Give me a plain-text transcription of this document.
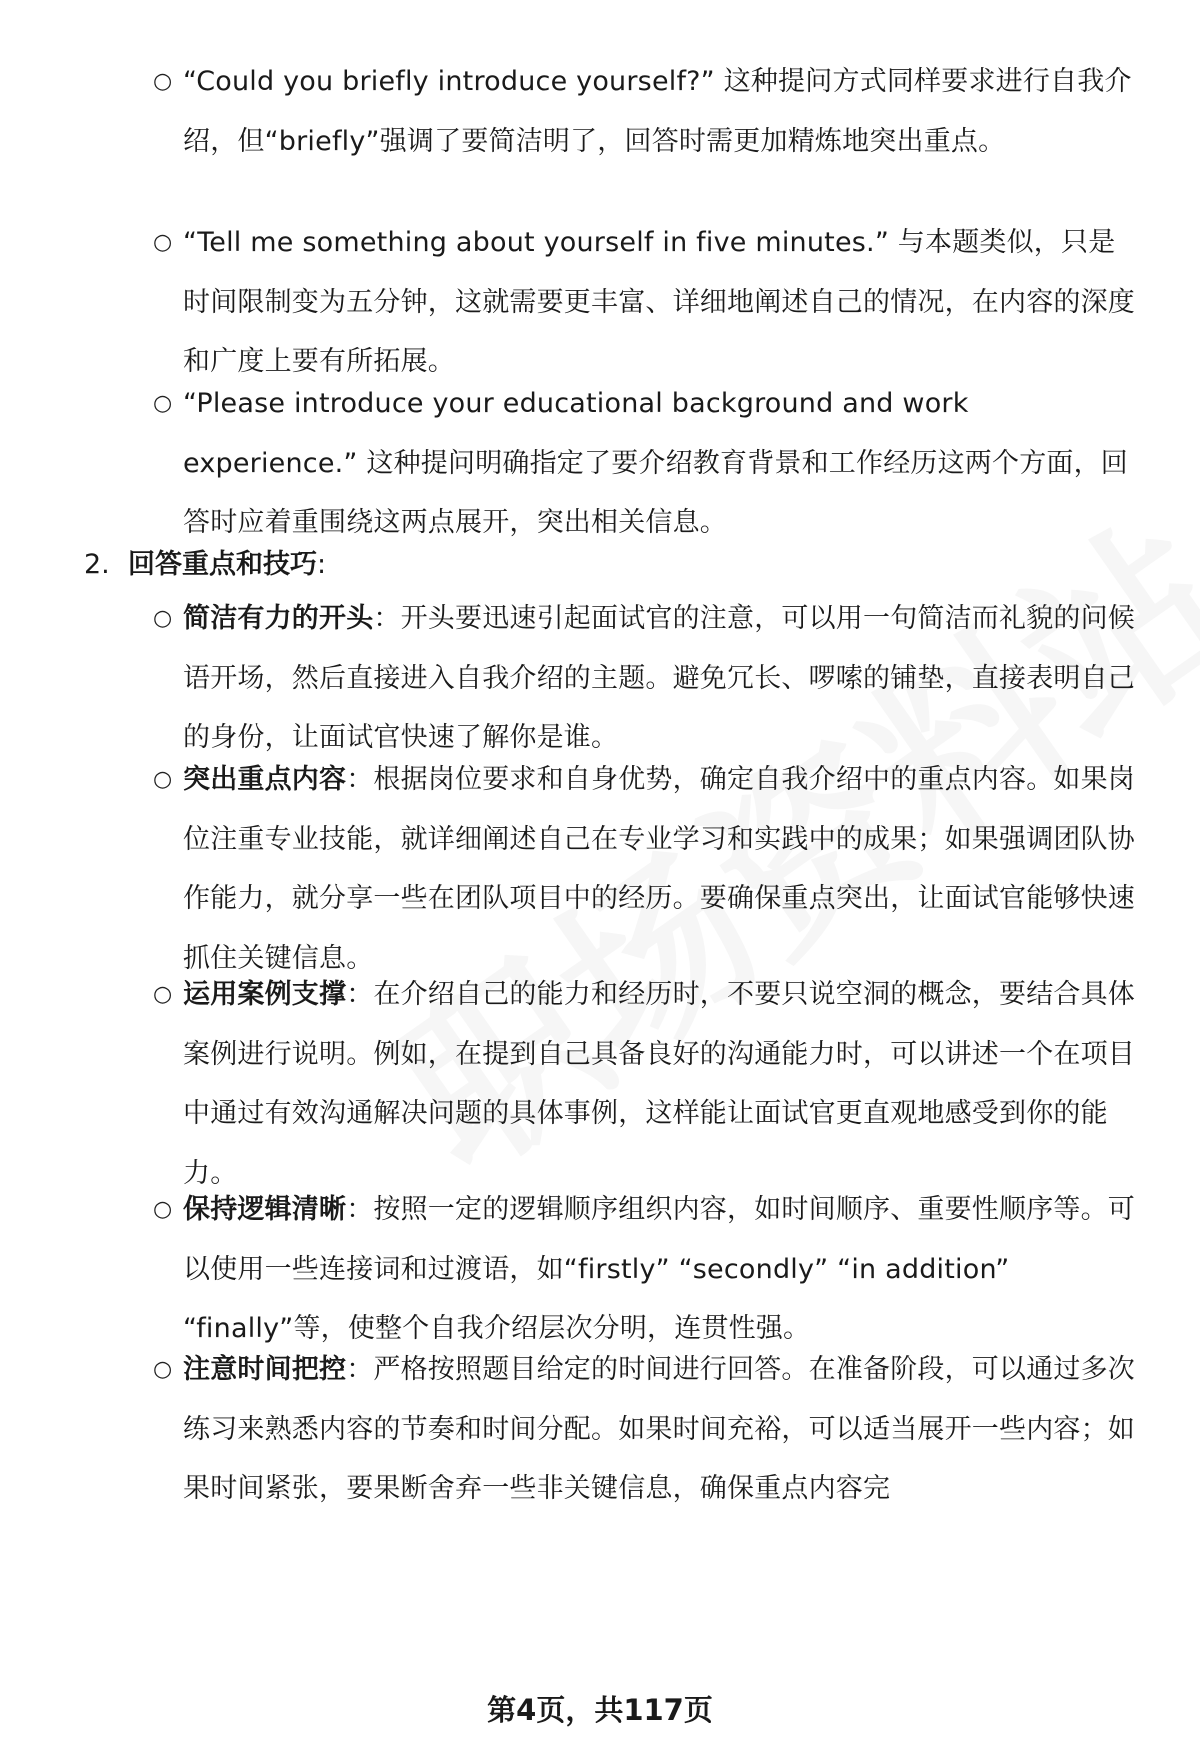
○ “Could you briefly introduce yourself?” 这种提问方式同样要求进行自我介绍，但“briefly”强调了要简洁明了，回答时需更加精炼地突出重点。
○ “Tell me something about yourself in five minutes.” 与本题类似，只是时间限制变为五分钟，这就需要更丰富、详细地阐述自己的情况，在内容的深度和广度上要有所拓展。
○ “Please introduce your educational background and work experience.” 这种提问明确指定了要介绍教育背景和工作经历这两个方面，回答时应着重围绕这两点展开，突出相关信息。
2. 回答重点和技巧:
○ 简洁有力的开头：开头要迅速引起面试官的注意，可以用一句简洁而礼貌的问候语开场，然后直接进入自我介绍的主题。避免冗长、啰嗦的铺垫，直接表明自己的身份，让面试官快速了解你是谁。
○ 突出重点内容：根据岗位要求和自身优势，确定自我介绍中的重点内容。如果岗位注重专业技能，就详细阐述自己在专业学习和实践中的成果；如果强调团队协作能力，就分享一些在团队项目中的经历。要确保重点突出，让面试官能够快速抓住关键信息。
○ 运用案例支撑：在介绍自己的能力和经历时，不要只说空洞的概念，要结合具体案例进行说明。例如，在提到自己具备良好的沟通能力时，可以讲述一个在项目中通过有效沟通解决问题的具体事例，这样能让面试官更直观地感受到你的能力。
○ 保持逻辑清晰：按照一定的逻辑顺序组织内容，如时间顺序、重要性顺序等。可以使用一些连接词和过渡语，如“firstly” “secondly” “in addition” “finally”等，使整个自我介绍层次分明，连贯性强。
○ 注意时间把控：严格按照题目给定的时间进行回答。在准备阶段，可以通过多次练习来熟悉内容的节奏和时间分配。如果时间充裕，可以适当展开一些内容；如果时间紧张，要果断舍弃一些非关键信息，确保重点内容完
第4页，共117页
